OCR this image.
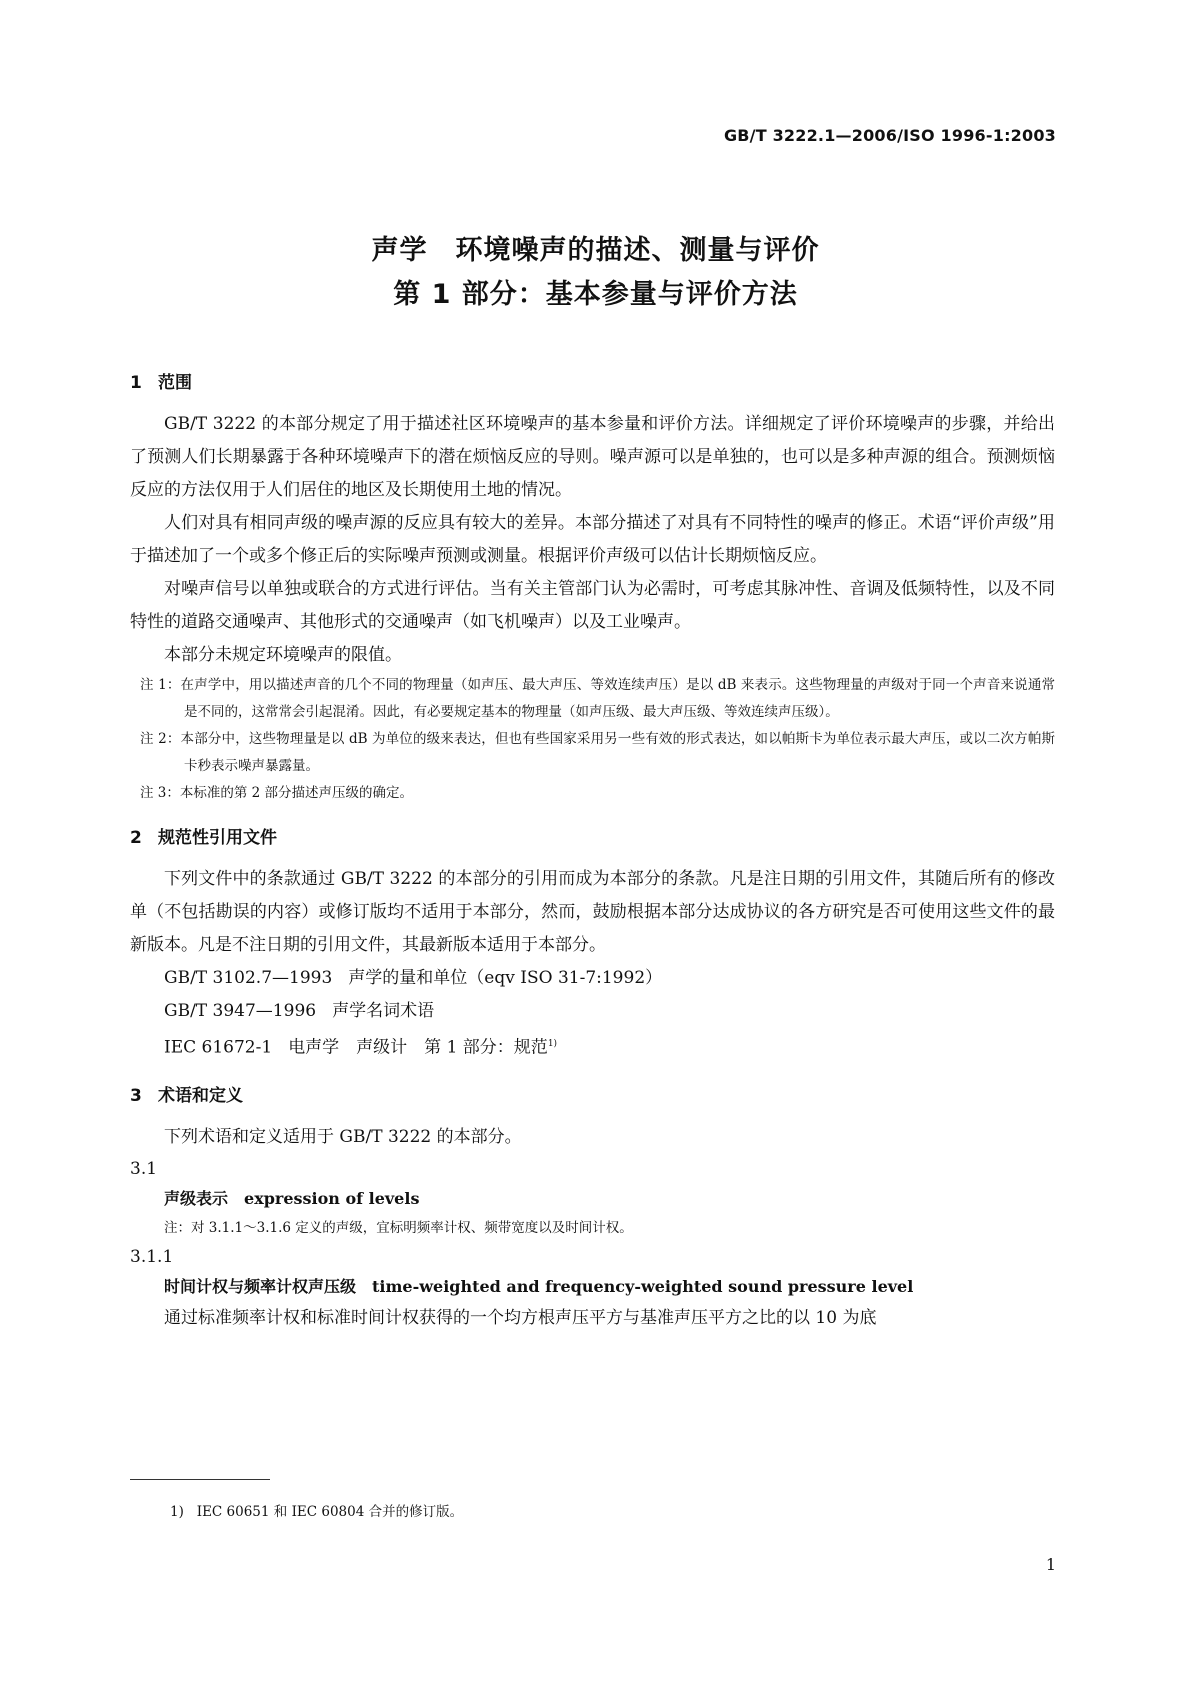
GB/T 3222.1—2006/ISO 1996-1:2003
声学　环境噪声的描述、测量与评价
第 1 部分：基本参量与评价方法
1 范围

GB/T 3222 的本部分规定了用于描述社区环境噪声的基本参量和评价方法。详细规定了评价环境噪声的步骤，并给出了预测人们长期暴露于各种环境噪声下的潜在烦恼反应的导则。噪声源可以是单独的，也可以是多种声源的组合。预测烦恼反应的方法仅用于人们居住的地区及长期使用土地的情况。

人们对具有相同声级的噪声源的反应具有较大的差异。本部分描述了对具有不同特性的噪声的修正。术语“评价声级”用于描述加了一个或多个修正后的实际噪声预测或测量。根据评价声级可以估计长期烦恼反应。

对噪声信号以单独或联合的方式进行评估。当有关主管部门认为必需时，可考虑其脉冲性、音调及低频特性，以及不同特性的道路交通噪声、其他形式的交通噪声（如飞机噪声）以及工业噪声。

本部分未规定环境噪声的限值。

注 1：在声学中，用以描述声音的几个不同的物理量（如声压、最大声压、等效连续声压）是以 dB 来表示。这些物理量的声级对于同一个声音来说通常是不同的，这常常会引起混淆。因此，有必要规定基本的物理量（如声压级、最大声压级、等效连续声压级）。

注 2：本部分中，这些物理量是以 dB 为单位的级来表达，但也有些国家采用另一些有效的形式表达，如以帕斯卡为单位表示最大声压，或以二次方帕斯卡秒表示噪声暴露量。

注 3：本标准的第 2 部分描述声压级的确定。

2 规范性引用文件

下列文件中的条款通过 GB/T 3222 的本部分的引用而成为本部分的条款。凡是注日期的引用文件，其随后所有的修改单（不包括勘误的内容）或修订版均不适用于本部分，然而，鼓励根据本部分达成协议的各方研究是否可使用这些文件的最新版本。凡是不注日期的引用文件，其最新版本适用于本部分。

GB/T 3102.7—1993 声学的量和单位（eqv ISO 31-7:1992）

GB/T 3947—1996 声学名词术语

IEC 61672-1 电声学　声级计　第 1 部分：规范$^{1)}$

3 术语和定义

下列术语和定义适用于 GB/T 3222 的本部分。

3.1

声级表示 expression of levels

注：对 3.1.1～3.1.6 定义的声级，宜标明频率计权、频带宽度以及时间计权。

3.1.1

时间计权与频率计权声压级 time-weighted and frequency-weighted sound pressure level

通过标准频率计权和标准时间计权获得的一个均方根声压平方与基准声压平方之比的以 10 为底

1) IEC 60651 和 IEC 60804 合并的修订版。
1
